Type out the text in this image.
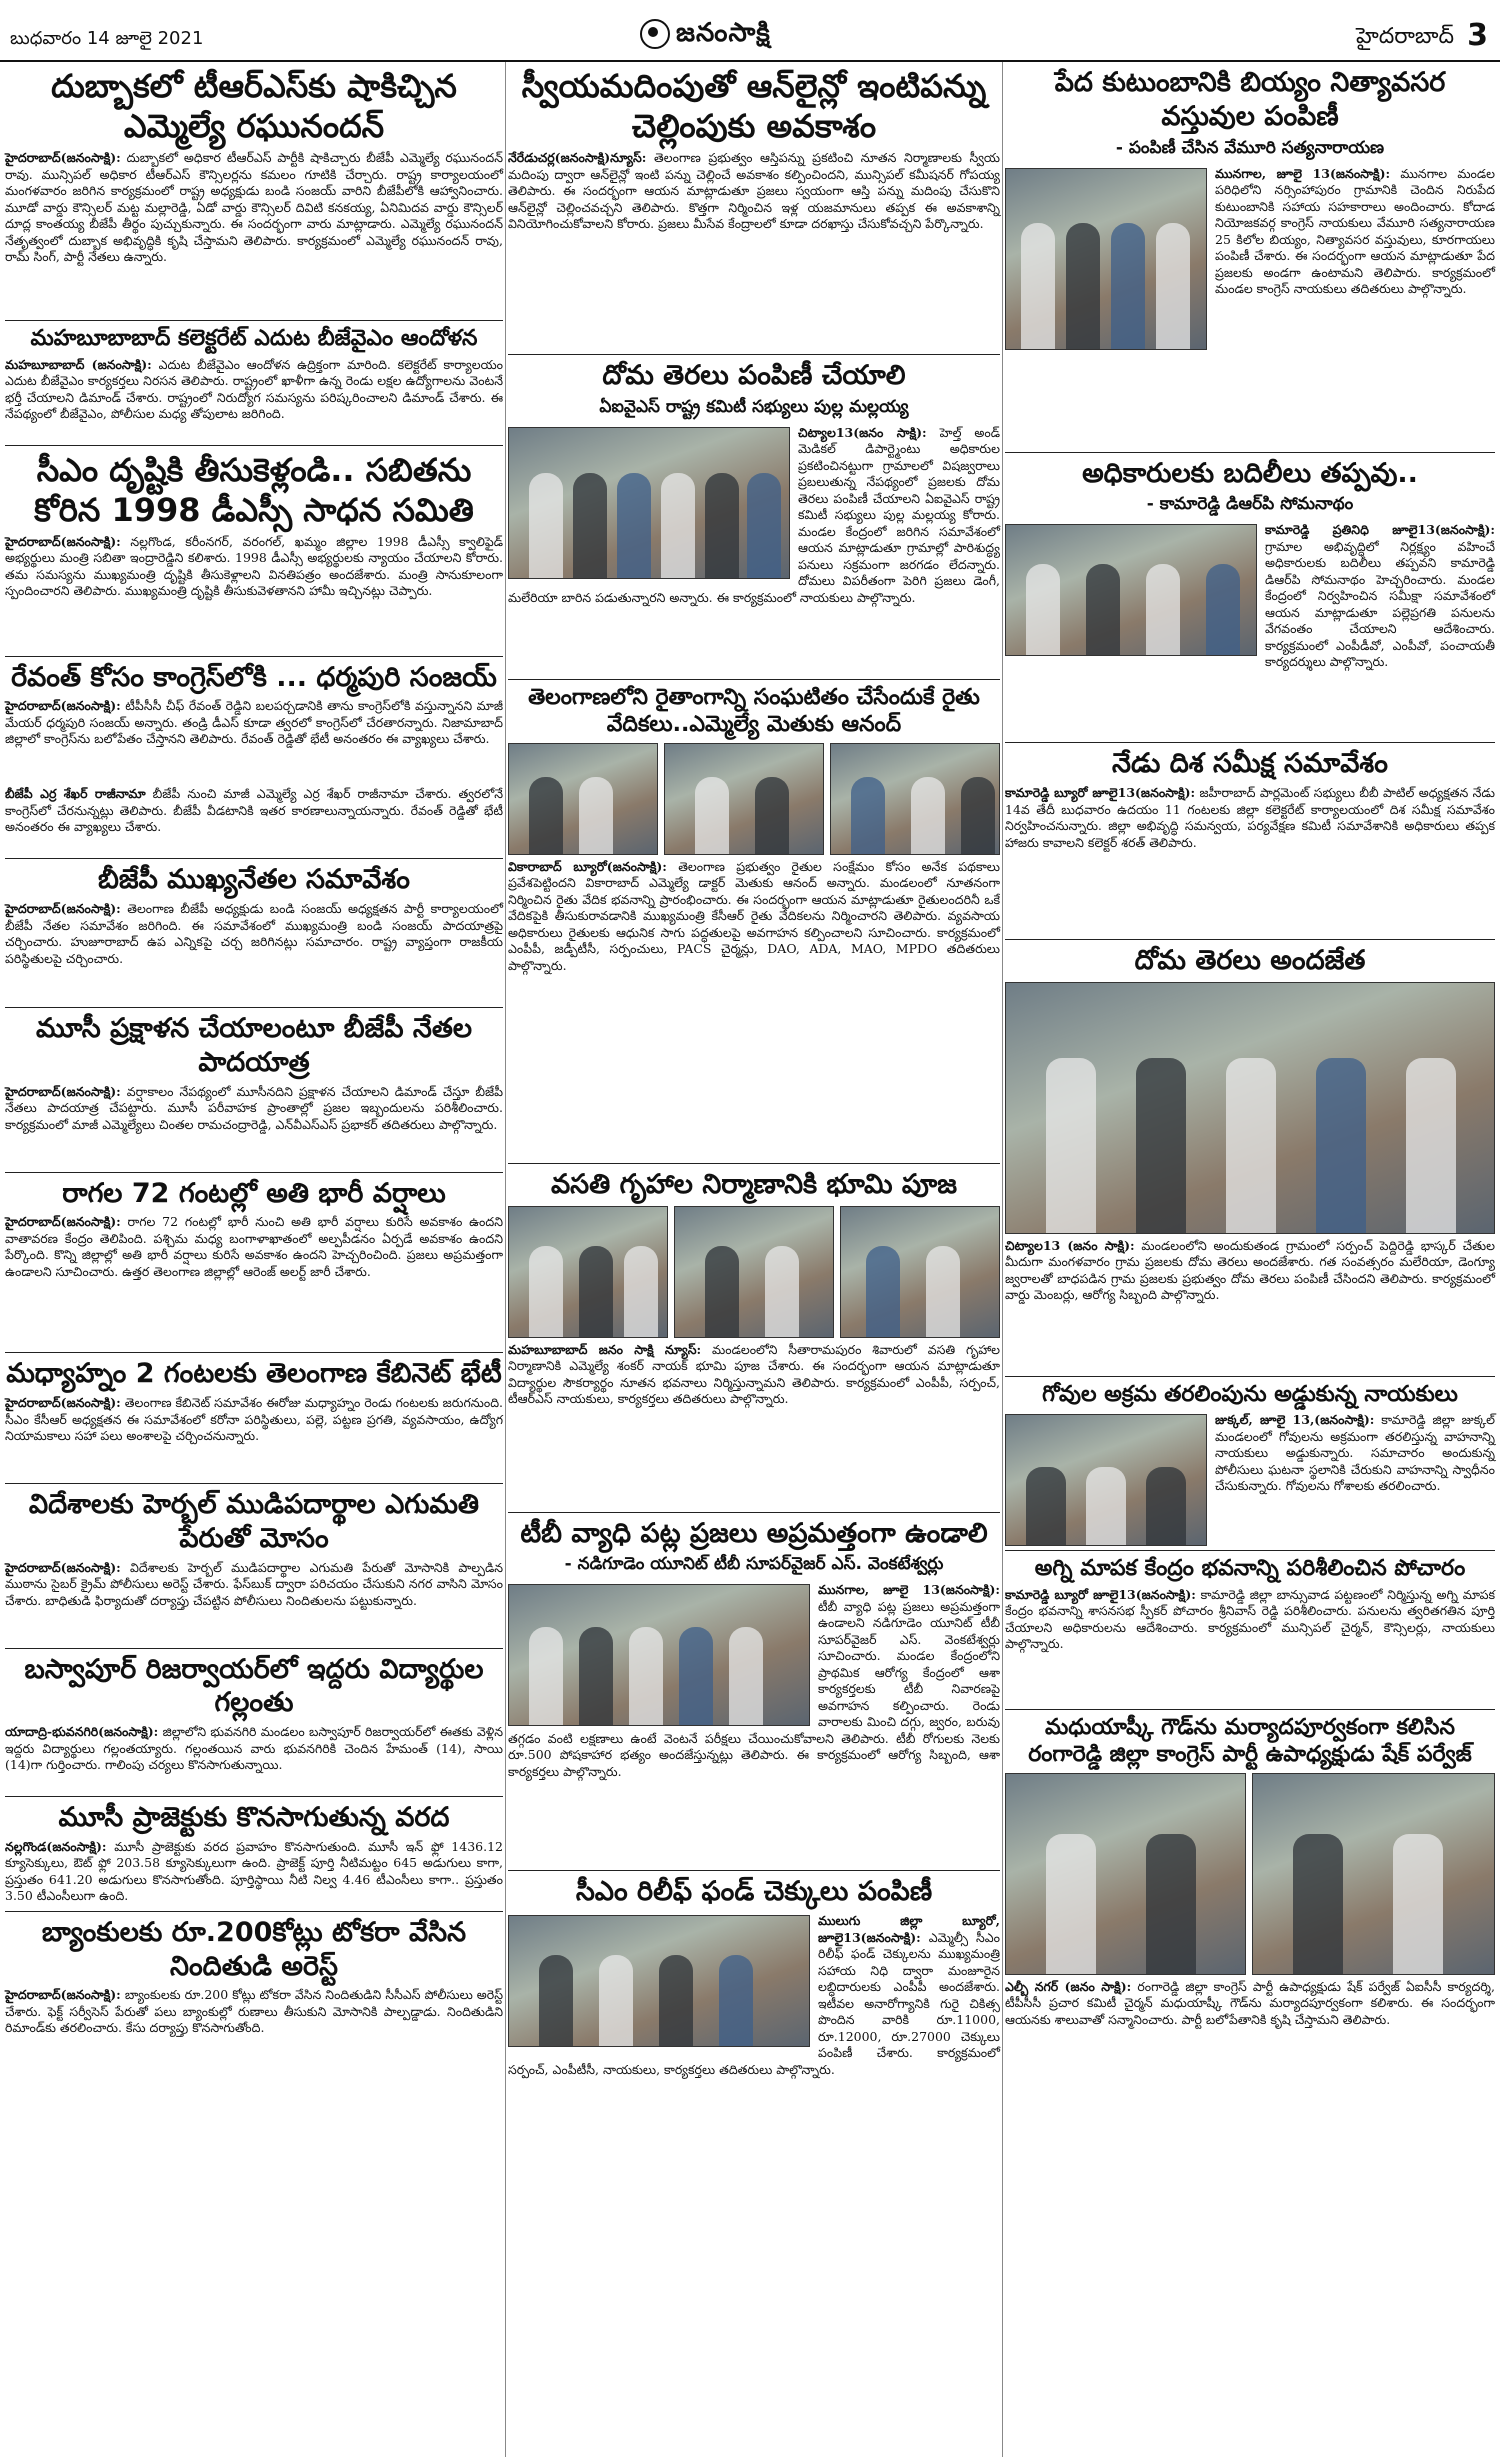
బుధవారం 14 జూలై 2021	జనంసాక్షి	హైదరాబాద్ 3
దుబ్బాకలో టీఆర్‌ఎస్‌కు షాకిచ్చిన ఎమ్మెల్యే రఘునందన్

హైదరాబాద్‌(జనంసాక్షి): దుబ్బాకలో అధికార టీఆర్‌ఎస్‌ పార్టీకి షాకిచ్చారు బీజేపీ ఎమ్మెల్యే రఘునందన్‌ రావు. మున్సిపల్‌ అధికార టీఆర్‌ఎస్‌ కౌన్సిలర్లను కమలం గూటికి చేర్చారు. రాష్ట్ర కార్యాలయంలో మంగళవారం జరిగిన కార్యక్రమంలో రాష్ట్ర అధ్యక్షుడు బండి సంజయ్‌ వారిని బీజేపీలోకి ఆహ్వానించారు. మూడో వార్డు కౌన్సిలర్‌ మట్ట మల్లారెడ్డి, ఏడో వార్డు కౌన్సిలర్‌ దివిటి కనకయ్య, ఏనిమిదవ వార్డు కౌన్సిలర్‌ దూద్ల కాంతయ్య బీజేపీ తీర్థం పుచ్చుకున్నారు. ఈ సందర్భంగా వారు మాట్లాడారు. ఎమ్మెల్యే రఘునందన్‌ నేతృత్వంలో దుబ్బాక అభివృద్ధికి కృషి చేస్తామని తెలిపారు. కార్యక్రమంలో ఎమ్మెల్యే రఘునందన్‌ రావు, రామ్‌ సింగ్‌, పార్టీ నేతలు ఉన్నారు.

మహబూబాబాద్‌ కలెక్టరేట్‌ ఎదుట బీజేవైఎం ఆందోళన

మహబూబాబాద్‌ (జనంసాక్షి): ఎదుట బీజేవైఎం ఆందోళన ఉద్రిక్తంగా మారింది. కలెక్టరేట్‌ కార్యాలయం ఎదుట బీజేవైఎం కార్యకర్తలు నిరసన తెలిపారు. రాష్ట్రంలో ఖాళీగా ఉన్న రెండు లక్షల ఉద్యోగాలను వెంటనే భర్తీ చేయాలని డిమాండ్‌ చేశారు. రాష్ట్రంలో నిరుద్యోగ సమస్యను పరిష్కరించాలని డిమాండ్‌ చేశారు. ఈ నేపథ్యంలో బీజేవైఎం, పోలీసుల మధ్య తోపులాట జరిగింది.

సీఎం దృష్టికి తీసుకెళ్లండి.. సబితను కోరిన 1998 డీఎస్సీ సాధన సమితి

హైదరాబాద్‌(జనంసాక్షి): నల్లగొండ, కరీంనగర్‌, వరంగల్‌, ఖమ్మం జిల్లాల 1998 డీఎస్సీ క్వాలిఫైడ్‌ అభ్యర్థులు మంత్రి సబితా ఇంద్రారెడ్డిని కలిశారు. 1998 డీఎస్సీ అభ్యర్థులకు న్యాయం చేయాలని కోరారు. తమ సమస్యను ముఖ్యమంత్రి దృష్టికి తీసుకెళ్లాలని వినతిపత్రం అందజేశారు. మంత్రి సానుకూలంగా స్పందించారని తెలిపారు. ముఖ్యమంత్రి దృష్టికి తీసుకువెళతానని హామీ ఇచ్చినట్లు చెప్పారు.

రేవంత్‌ కోసం కాంగ్రెస్‌లోకి ... ధర్మపురి సంజయ్‌

హైదరాబాద్‌(జనంసాక్షి): టీపీసీసీ చీఫ్‌ రేవంత్‌ రెడ్డిని బలపర్చడానికి తాను కాంగ్రెస్‌లోకి వస్తున్నానని మాజీ మేయర్‌ ధర్మపురి సంజయ్‌ అన్నారు. తండ్రి డీఎస్‌ కూడా త్వరలో కాంగ్రెస్‌లో చేరతారన్నారు. నిజామాబాద్‌ జిల్లాలో కాంగ్రెస్‌ను బలోపేతం చేస్తానని తెలిపారు. రేవంత్‌ రెడ్డితో భేటీ అనంతరం ఈ వ్యాఖ్యలు చేశారు.

బీజేపీ ఎర్ర శేఖర్‌ రాజీనామా బీజేపీ నుంచి మాజీ ఎమ్మెల్యే ఎర్ర శేఖర్‌ రాజీనామా చేశారు. త్వరలోనే కాంగ్రెస్‌లో చేరనున్నట్లు తెలిపారు. బీజేపీ వీడటానికి ఇతర కారణాలున్నాయన్నారు. రేవంత్‌ రెడ్డితో భేటీ అనంతరం ఈ వ్యాఖ్యలు చేశారు.

బీజేపీ ముఖ్యనేతల సమావేశం

హైదరాబాద్‌(జనంసాక్షి): తెలంగాణ బీజేపీ అధ్యక్షుడు బండి సంజయ్‌ అధ్యక్షతన పార్టీ కార్యాలయంలో బీజేపీ నేతల సమావేశం జరిగింది. ఈ సమావేశంలో ముఖ్యమంత్రి బండి సంజయ్‌ పాదయాత్రపై చర్చించారు. హుజూరాబాద్‌ ఉప ఎన్నికపై చర్చ జరిగినట్లు సమాచారం. రాష్ట్ర వ్యాప్తంగా రాజకీయ పరిస్థితులపై చర్చించారు.

మూసీ ప్రక్షాళన చేయాలంటూ బీజేపీ నేతల పాదయాత్ర

హైదరాబాద్‌(జనంసాక్షి): వర్షాకాలం నేపథ్యంలో మూసీనదిని ప్రక్షాళన చేయాలని డిమాండ్‌ చేస్తూ బీజేపీ నేతలు పాదయాత్ర చేపట్టారు. మూసీ పరీవాహక ప్రాంతాల్లో ప్రజల ఇబ్బందులను పరిశీలించారు. కార్యక్రమంలో మాజీ ఎమ్మెల్యేలు చింతల రామచంద్రారెడ్డి, ఎన్‌వీఎస్‌ఎస్‌ ప్రభాకర్‌ తదితరులు పాల్గొన్నారు.

రాగల 72 గంటల్లో అతి భారీ వర్షాలు

హైదరాబాద్‌(జనంసాక్షి): రాగల 72 గంటల్లో భారీ నుంచి అతి భారీ వర్షాలు కురిసే అవకాశం ఉందని వాతావరణ కేంద్రం తెలిపింది. పశ్చిమ మధ్య బంగాళాఖాతంలో అల్పపీడనం ఏర్పడే అవకాశం ఉందని పేర్కొంది. కొన్ని జిల్లాల్లో అతి భారీ వర్షాలు కురిసే అవకాశం ఉందని హెచ్చరించింది. ప్రజలు అప్రమత్తంగా ఉండాలని సూచించారు. ఉత్తర తెలంగాణ జిల్లాల్లో ఆరెంజ్‌ అలర్ట్‌ జారీ చేశారు.

మధ్యాహ్నం 2 గంటలకు తెలంగాణ కేబినెట్‌ భేటీ

హైదరాబాద్‌(జనంసాక్షి): తెలంగాణ కేబినెట్‌ సమావేశం ఈరోజు మధ్యాహ్నం రెండు గంటలకు జరుగనుంది. సీఎం కేసీఆర్‌ అధ్యక్షతన ఈ సమావేశంలో కరోనా పరిస్థితులు, పల్లె, పట్టణ ప్రగతి, వ్యవసాయం, ఉద్యోగ నియామకాలు సహా పలు అంశాలపై చర్చించనున్నారు.

విదేశాలకు హెర్బల్‌ ముడిపదార్థాల ఎగుమతి పేరుతో మోసం

హైదరాబాద్‌(జనంసాక్షి): విదేశాలకు హెర్బల్‌ ముడిపదార్థాల ఎగుమతి పేరుతో మోసానికి పాల్పడిన ముఠాను సైబర్‌ క్రైమ్‌ పోలీసులు అరెస్ట్‌ చేశారు. ఫేస్‌బుక్‌ ద్వారా పరిచయం చేసుకుని నగర వాసిని మోసం చేశారు. బాధితుడి ఫిర్యాదుతో దర్యాప్తు చేపట్టిన పోలీసులు నిందితులను పట్టుకున్నారు.

బస్వాపూర్‌ రిజర్వాయర్‌లో ఇద్దరు విద్యార్థుల గల్లంతు

యాదాద్రి-భువనగిరి(జనంసాక్షి): జిల్లాలోని భువనగిరి మండలం బస్వాపూర్‌ రిజర్వాయర్‌లో ఈతకు వెళ్లిన ఇద్దరు విద్యార్థులు గల్లంతయ్యారు. గల్లంతయిన వారు భువనగిరికి చెందిన హేమంత్‌ (14), సాయి (14)గా గుర్తించారు. గాలింపు చర్యలు కొనసాగుతున్నాయి.

మూసీ ప్రాజెక్టుకు కొనసాగుతున్న వరద

నల్లగొండ(జనంసాక్షి): మూసీ ప్రాజెక్టుకు వరద ప్రవాహం కొనసాగుతుంది. మూసీ ఇన్‌ ఫ్లో 1436.12 క్యూసెక్కులు, ఔట్‌ ఫ్లో 203.58 క్యూసెక్కులుగా ఉంది. ప్రాజెక్ట్‌ పూర్తి నీటిమట్టం 645 అడుగులు కాగా, ప్రస్తుతం 641.20 అడుగులు కొనసాగుతోంది. పూర్తిస్థాయి నీటి నిల్వ 4.46 టీఎంసీలు కాగా.. ప్రస్తుతం 3.50 టీఎంసీలుగా ఉంది.

బ్యాంకులకు రూ.200కోట్లు టోకరా వేసిన నిందితుడి అరెస్ట్‌

హైదరాబాద్‌(జనంసాక్షి): బ్యాంకులకు రూ.200 కోట్లు టోకరా వేసిన నిందితుడిని సీసీఎస్‌ పోలీసులు అరెస్ట్‌ చేశారు. ఫెక్ట్‌ సర్వీసెస్‌ పేరుతో పలు బ్యాంకుల్లో రుణాలు తీసుకుని మోసానికి పాల్పడ్డాడు. నిందితుడిని రిమాండ్‌కు తరలించారు. కేసు దర్యాప్తు కొనసాగుతోంది.

స్వీయమదింపుతో ఆన్‌లైన్లో ఇంటిపన్ను చెల్లింపుకు అవకాశం

నేరేడుచర్ల(జనంసాక్షి)న్యూస్‌: తెలంగాణ ప్రభుత్వం ఆస్తిపన్ను ప్రకటించి నూతన నిర్మాణాలకు స్వీయ మదింపు ద్వారా ఆన్‌లైన్లో ఇంటి పన్ను చెల్లించే అవకాశం కల్పించిందని, మున్సిపల్‌ కమీషనర్‌ గోపయ్య తెలిపారు. ఈ సందర్భంగా ఆయన మాట్లాడుతూ ప్రజలు స్వయంగా ఆస్తి పన్ను మదింపు చేసుకొని ఆన్‌లైన్లో చెల్లించవచ్చని తెలిపారు. కొత్తగా నిర్మించిన ఇళ్ల యజమానులు తప్పక ఈ అవకాశాన్ని వినియోగించుకోవాలని కోరారు. ప్రజలు మీసేవ కేంద్రాలలో కూడా దరఖాస్తు చేసుకోవచ్చని పేర్కొన్నారు.

దోమ తెరలు పంపిణీ చేయాలి
ఏఐవైఎస్‌ రాష్ట్ర కమిటీ సభ్యులు పుల్ల మల్లయ్య

చిట్యాల13(జనం సాక్షి): హెల్త్‌ అండ్‌ మెడికల్‌ డిపార్ట్మెంటు అధికారుల ప్రకటించినట్టుగా గ్రామాలలో విషజ్వరాలు ప్రబలుతున్న నేపథ్యంలో ప్రజలకు దోమ తెరలు పంపిణీ చేయాలని ఏఐవైఎస్‌ రాష్ట్ర కమిటీ సభ్యులు పుల్ల మల్లయ్య కోరారు. మండల కేంద్రంలో జరిగిన సమావేశంలో ఆయన మాట్లాడుతూ గ్రామాల్లో పారిశుద్ధ్య పనులు సక్రమంగా జరగడం లేదన్నారు. దోమలు విపరీతంగా పెరిగి ప్రజలు డెంగీ, మలేరియా బారిన పడుతున్నారని అన్నారు. ఈ కార్యక్రమంలో నాయకులు పాల్గొన్నారు.

తెలంగాణలోని రైతాంగాన్ని సంఘటితం చేసేందుకే రైతు వేదికలు..ఎమ్మెల్యే మెతుకు ఆనంద్‌

వికారాబాద్‌ బ్యూరో(జనంసాక్షి): తెలంగాణ ప్రభుత్వం రైతుల సంక్షేమం కోసం అనేక పథకాలు ప్రవేశపెట్టిందని వికారాబాద్‌ ఎమ్మెల్యే డాక్టర్‌ మెతుకు ఆనంద్‌ అన్నారు. మండలంలో నూతనంగా నిర్మించిన రైతు వేదిక భవనాన్ని ప్రారంభించారు. ఈ సందర్భంగా ఆయన మాట్లాడుతూ రైతులందరినీ ఒకే వేదికపైకి తీసుకురావడానికి ముఖ్యమంత్రి కేసీఆర్‌ రైతు వేదికలను నిర్మించారని తెలిపారు. వ్యవసాయ అధికారులు రైతులకు ఆధునిక సాగు పద్ధతులపై అవగాహన కల్పించాలని సూచించారు. కార్యక్రమంలో ఎంపీపీ, జడ్పీటీసీ, సర్పంచులు, PACS చైర్మన్లు, DAO, ADA, MAO, MPDO తదితరులు పాల్గొన్నారు.

వసతి గృహాల నిర్మాణానికి భూమి పూజ

మహబూబాబాద్‌ జనం సాక్షి న్యూస్‌: మండలంలోని సీతారామపురం శివారులో వసతి గృహాల నిర్మాణానికి ఎమ్మెల్యే శంకర్‌ నాయక్‌ భూమి పూజ చేశారు. ఈ సందర్భంగా ఆయన మాట్లాడుతూ విద్యార్థుల సౌకర్యార్థం నూతన భవనాలు నిర్మిస్తున్నామని తెలిపారు. కార్యక్రమంలో ఎంపీపీ, సర్పంచ్‌, టీఆర్‌ఎస్‌ నాయకులు, కార్యకర్తలు తదితరులు పాల్గొన్నారు.

టీబీ వ్యాధి పట్ల ప్రజలు అప్రమత్తంగా ఉండాలి
- నడిగూడెం యూనిట్‌ టీబీ సూపర్‌వైజర్‌ ఎస్‌. వెంకటేశ్వర్లు

మునగాల, జూలై 13(జనంసాక్షి): టీబీ వ్యాధి పట్ల ప్రజలు అప్రమత్తంగా ఉండాలని నడిగూడెం యూనిట్‌ టీబీ సూపర్‌వైజర్‌ ఎస్‌. వెంకటేశ్వర్లు సూచించారు. మండల కేంద్రంలోని ప్రాథమిక ఆరోగ్య కేంద్రంలో ఆశా కార్యకర్తలకు టీబీ నివారణపై అవగాహన కల్పించారు. రెండు వారాలకు మించి దగ్గు, జ్వరం, బరువు తగ్గడం వంటి లక్షణాలు ఉంటే వెంటనే పరీక్షలు చేయించుకోవాలని తెలిపారు. టీబీ రోగులకు నెలకు రూ.500 పోషకాహార భత్యం అందజేస్తున్నట్లు తెలిపారు. ఈ కార్యక్రమంలో ఆరోగ్య సిబ్బంది, ఆశా కార్యకర్తలు పాల్గొన్నారు.

సీఎం రిలీఫ్‌ ఫండ్‌ చెక్కులు పంపిణీ

ములుగు జిల్లా బ్యూరో, జూలై13(జనంసాక్షి): ఎమ్మెల్సీ సీఎం రిలీఫ్‌ ఫండ్‌ చెక్కులను ముఖ్యమంత్రి సహాయ నిధి ద్వారా మంజూరైన లబ్ధిదారులకు ఎంపీపీ అందజేశారు. ఇటీవల అనారోగ్యానికి గురై చికిత్స పొందిన వారికి రూ.11000, రూ.12000, రూ.27000 చెక్కులు పంపిణీ చేశారు. కార్యక్రమంలో సర్పంచ్‌, ఎంపీటీసీ, నాయకులు, కార్యకర్తలు తదితరులు పాల్గొన్నారు.

పేద కుటుంబానికి బియ్యం నిత్యావసర వస్తువుల పంపిణీ
- పంపిణీ చేసిన వేమూరి సత్యనారాయణ

మునగాల, జూలై 13(జనంసాక్షి): మునగాల మండల పరిధిలోని నర్సింహాపురం గ్రామానికి చెందిన నిరుపేద కుటుంబానికి సహాయ సహకారాలు అందించారు. కోదాడ నియోజకవర్గ కాంగ్రెస్‌ నాయకులు వేమూరి సత్యనారాయణ 25 కిలోల బియ్యం, నిత్యావసర వస్తువులు, కూరగాయలు పంపిణీ చేశారు. ఈ సందర్భంగా ఆయన మాట్లాడుతూ పేద ప్రజలకు అండగా ఉంటామని తెలిపారు. కార్యక్రమంలో మండల కాంగ్రెస్‌ నాయకులు తదితరులు పాల్గొన్నారు.

అధికారులకు బదిలీలు తప్పవు..
- కామారెడ్డి డిఆర్‌పి సోమనాథం

కామారెడ్డి ప్రతినిధి జూలై13(జనంసాక్షి): గ్రామాల అభివృద్ధిలో నిర్లక్ష్యం వహించే అధికారులకు బదిలీలు తప్పవని కామారెడ్డి డిఆర్‌పి సోమనాథం హెచ్చరించారు. మండల కేంద్రంలో నిర్వహించిన సమీక్షా సమావేశంలో ఆయన మాట్లాడుతూ పల్లెప్రగతి పనులను వేగవంతం చేయాలని ఆదేశించారు. కార్యక్రమంలో ఎంపీడీవో, ఎంపీవో, పంచాయతీ కార్యదర్శులు పాల్గొన్నారు.

నేడు దిశ సమీక్ష సమావేశం

కామారెడ్డి బ్యూరో జూలై13(జనంసాక్షి): జహీరాబాద్‌ పార్లమెంట్‌ సభ్యులు బీబీ పాటిల్‌ అధ్యక్షతన నేడు 14వ తేదీ బుధవారం ఉదయం 11 గంటలకు జిల్లా కలెక్టరేట్‌ కార్యాలయంలో దిశ సమీక్ష సమావేశం నిర్వహించనున్నారు. జిల్లా అభివృద్ధి సమన్వయ, పర్యవేక్షణ కమిటీ సమావేశానికి అధికారులు తప్పక హాజరు కావాలని కలెక్టర్‌ శరత్‌ తెలిపారు.

దోమ తెరలు అందజేత

చిట్యాల13 (జనం సాక్షి): మండలంలోని అందుకుతండ గ్రామంలో సర్పంచ్‌ పెద్దిరెడ్డి భాస్కర్‌ చేతుల మీదుగా మంగళవారం గ్రామ ప్రజలకు దోమ తెరలు అందజేశారు. గత సంవత్సరం మలేరియా, డెంగ్యూ జ్వరాలతో బాధపడిన గ్రామ ప్రజలకు ప్రభుత్వం దోమ తెరలు పంపిణీ చేసిందని తెలిపారు. కార్యక్రమంలో వార్డు మెంబర్లు, ఆరోగ్య సిబ్బంది పాల్గొన్నారు.

గోవుల అక్రమ తరలింపును అడ్డుకున్న నాయకులు

జుక్కల్‌, జూలై 13,(జనంసాక్షి): కామారెడ్డి జిల్లా జుక్కల్‌ మండలంలో గోవులను అక్రమంగా తరలిస్తున్న వాహనాన్ని నాయకులు అడ్డుకున్నారు. సమాచారం అందుకున్న పోలీసులు ఘటనా స్థలానికి చేరుకుని వాహనాన్ని స్వాధీనం చేసుకున్నారు. గోవులను గోశాలకు తరలించారు.

అగ్ని మాపక కేంద్రం భవనాన్ని పరిశీలించిన పోచారం

కామారెడ్డి బ్యూరో జూలై13(జనంసాక్షి): కామారెడ్డి జిల్లా బాన్సువాడ పట్టణంలో నిర్మిస్తున్న అగ్ని మాపక కేంద్రం భవనాన్ని శాసనసభ స్పీకర్‌ పోచారం శ్రీనివాస్‌ రెడ్డి పరిశీలించారు. పనులను త్వరితగతిన పూర్తి చేయాలని అధికారులను ఆదేశించారు. కార్యక్రమంలో మున్సిపల్‌ చైర్మన్‌, కౌన్సిలర్లు, నాయకులు పాల్గొన్నారు.

మధుయాష్కీ గౌడ్‌ను మర్యాదపూర్వకంగా కలిసిన రంగారెడ్డి జిల్లా కాంగ్రెస్‌ పార్టీ ఉపాధ్యక్షుడు షేక్‌ పర్వేజ్‌

ఎల్బీ నగర్‌ (జనం సాక్షి): రంగారెడ్డి జిల్లా కాంగ్రెస్‌ పార్టీ ఉపాధ్యక్షుడు షేక్‌ పర్వేజ్‌ ఏఐసీసీ కార్యదర్శి, టీపీసీసీ ప్రచార కమిటీ చైర్మన్‌ మధుయాష్కీ గౌడ్‌ను మర్యాదపూర్వకంగా కలిశారు. ఈ సందర్భంగా ఆయనకు శాలువాతో సన్మానించారు. పార్టీ బలోపేతానికి కృషి చేస్తామని తెలిపారు.
